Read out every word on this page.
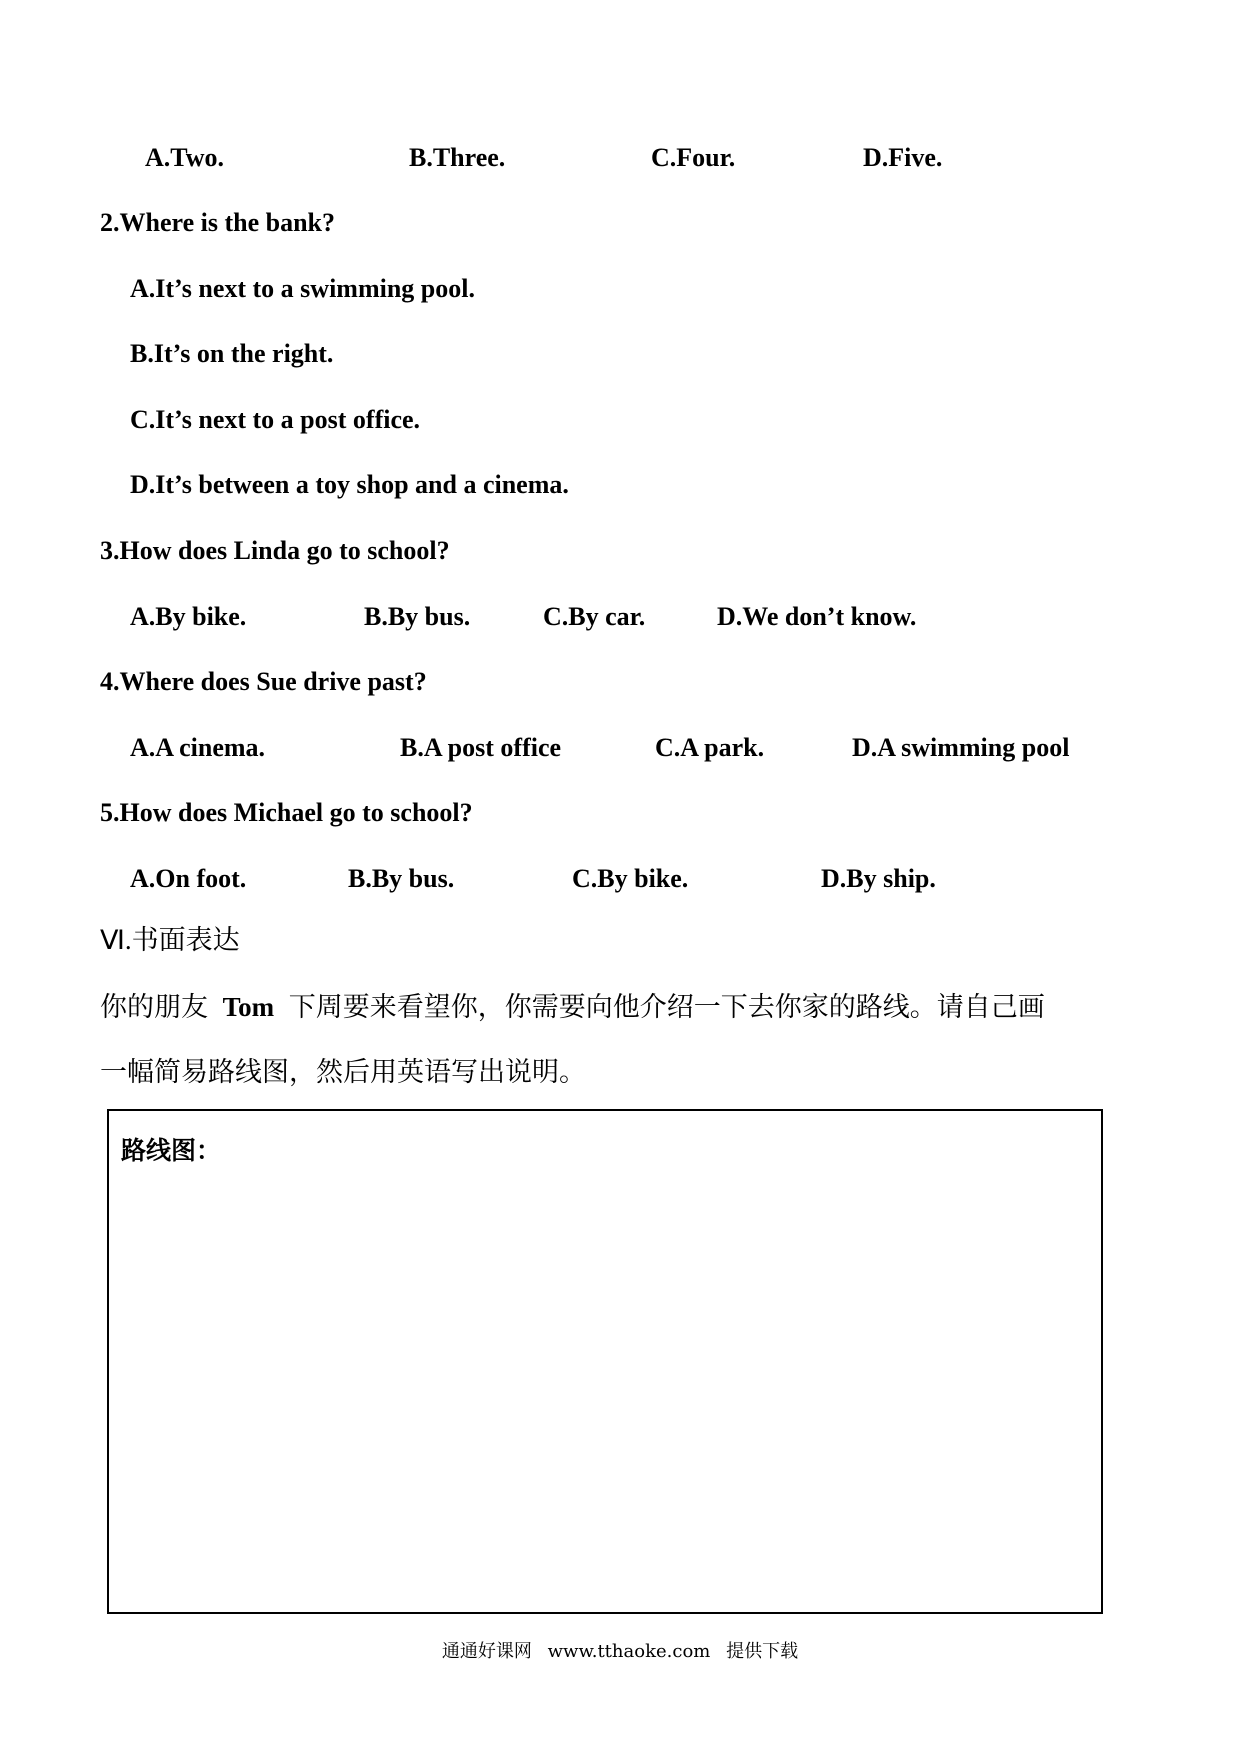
A.Two.	B.Three.	C.Four.	D.Five.
2.Where is the bank?
A.It’s next to a swimming pool.
B.It’s on the right.
C.It’s next to a post office.
D.It’s between a toy shop and a cinema.
3.How does Linda go to school?
A.By bike.	B.By bus.	C.By car.	D.We don’t know.
4.Where does Sue drive past?
A.A cinema.	B.A post office	C.A park.	D.A swimming pool
5.How does Michael go to school?
A.On foot.	B.By bus.	C.By bike.	D.By ship.
Ⅵ.书面表达
你的朋友 Tom 下周要来看望你，你需要向他介绍一下去你家的路线。请自己画
一幅简易路线图，然后用英语写出说明。
路线图：
通通好课网 www.tthaoke.com 提供下载
